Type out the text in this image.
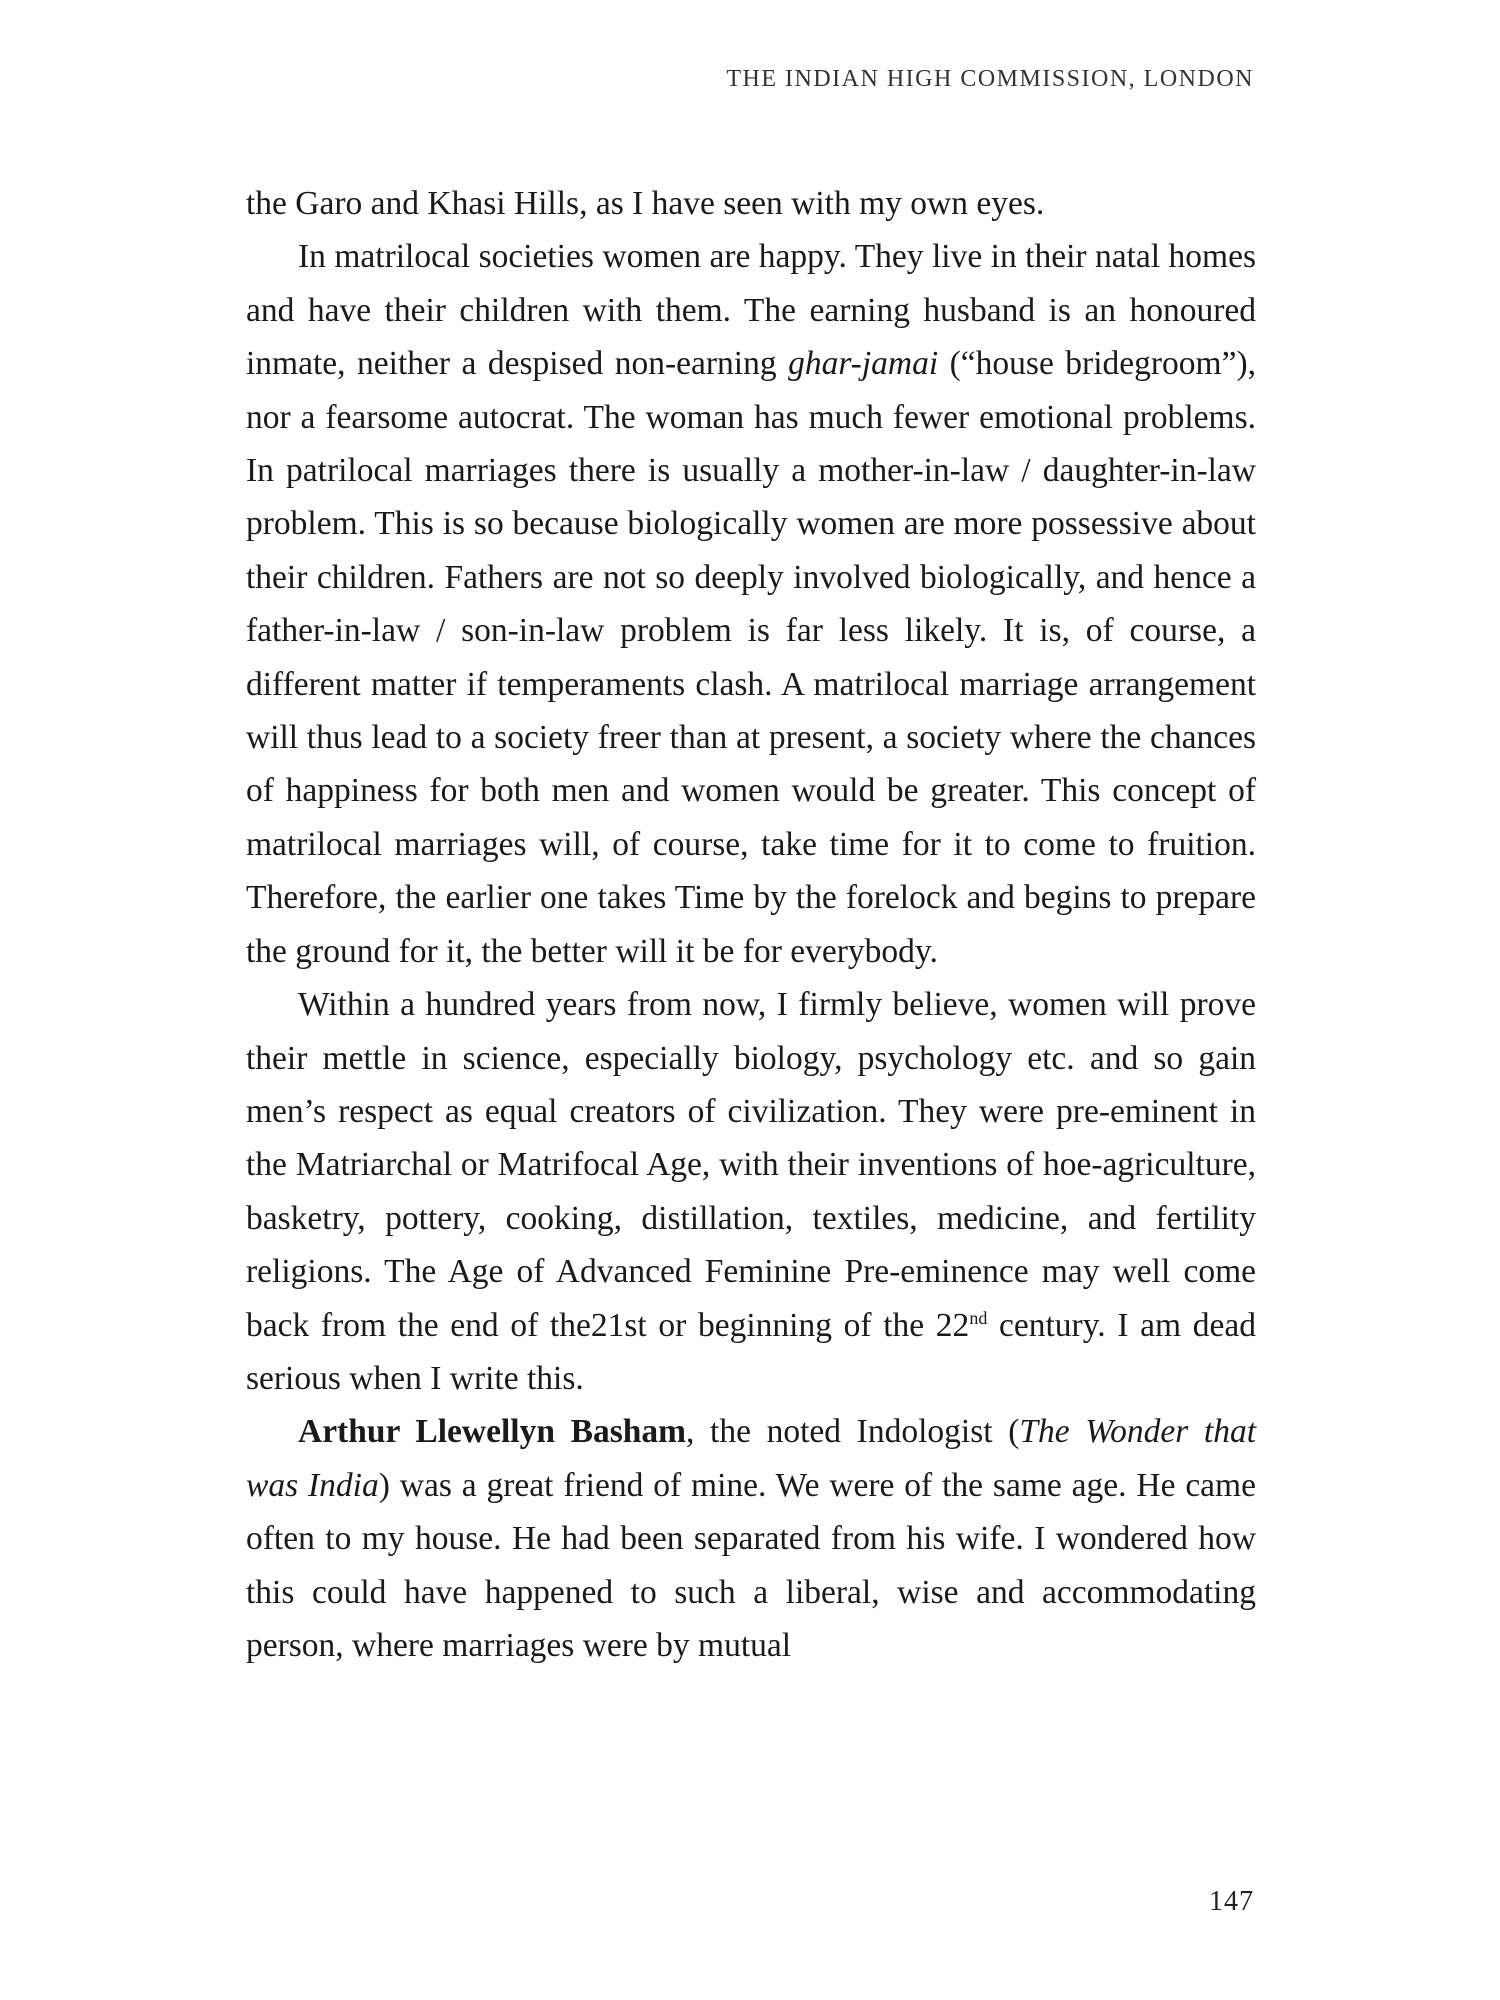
THE INDIAN HIGH COMMISSION, LONDON

the Garo and Khasi Hills, as I have seen with my own eyes.

In matrilocal societies women are happy. They live in their natal homes and have their children with them. The earning husband is an honoured inmate, neither a despised non-earning ghar-jamai (“house bridegroom”), nor a fearsome autocrat. The woman has much fewer emotional problems. In patrilocal marriages there is usually a mother-in-law / daughter-in-law problem. This is so because biologically women are more possessive about their children. Fathers are not so deeply involved biologically, and hence a father-in-law / son-in-law problem is far less likely. It is, of course, a different matter if temperaments clash. A matrilocal marriage arrangement will thus lead to a society freer than at present, a society where the chances of happiness for both men and women would be greater. This concept of matrilocal marriages will, of course, take time for it to come to fruition. Therefore, the earlier one takes Time by the forelock and begins to prepare the ground for it, the better will it be for everybody.

Within a hundred years from now, I firmly believe, women will prove their mettle in science, especially biology, psychology etc. and so gain men’s respect as equal creators of civilization. They were pre-eminent in the Matriarchal or Matrifocal Age, with their inventions of hoe-agriculture, basketry, pottery, cooking, distillation, textiles, medicine, and fertility religions. The Age of Advanced Feminine Pre-eminence may well come back from the end of the21st or beginning of the 22nd century. I am dead serious when I write this.

Arthur Llewellyn Basham, the noted Indologist (The Wonder that was India) was a great friend of mine. We were of the same age. He came often to my house. He had been separated from his wife. I wondered how this could have happened to such a liberal, wise and accommodating person, where marriages were by mutual

147
